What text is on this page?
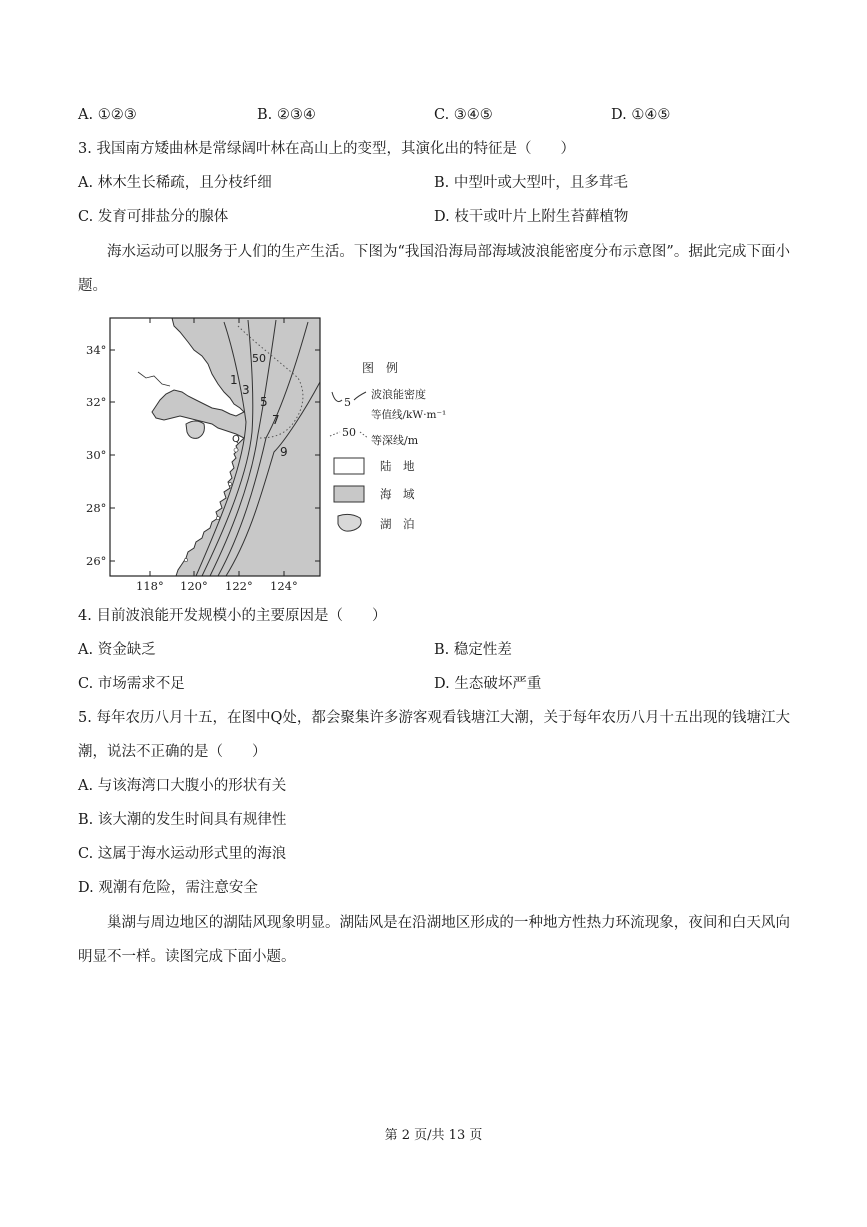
A. ①②③	B. ②③④	C. ③④⑤	D. ①④⑤
3. 我国南方矮曲林是常绿阔叶林在高山上的变型，其演化出的特征是（　　）
A. 林木生长稀疏，且分枝纤细	B. 中型叶或大型叶，且多茸毛
C. 发育可排盐分的腺体	D. 枝干或叶片上附生苔藓植物
海水运动可以服务于人们的生产生活。下图为“我国沿海局部海域波浪能密度分布示意图”。据此完成下面小题。
1
3
5
7
9
50
Q
34°
32°
30°
28°
26°
118° 120° 122° 124°
图　例
5
波浪能密度
等值线/kW·m⁻¹
50
等深线/m
陆　地
海　域
湖　泊
4. 目前波浪能开发规模小的主要原因是（　　）
A. 资金缺乏	B. 稳定性差
C. 市场需求不足	D. 生态破坏严重
5. 每年农历八月十五，在图中Q处，都会聚集许多游客观看钱塘江大潮，关于每年农历八月十五出现的钱塘江大潮，说法不正确的是（　　）
A. 与该海湾口大腹小的形状有关
B. 该大潮的发生时间具有规律性
C. 这属于海水运动形式里的海浪
D. 观潮有危险，需注意安全
巢湖与周边地区的湖陆风现象明显。湖陆风是在沿湖地区形成的一种地方性热力环流现象，夜间和白天风向明显不一样。读图完成下面小题。
第 2 页/共 13 页
